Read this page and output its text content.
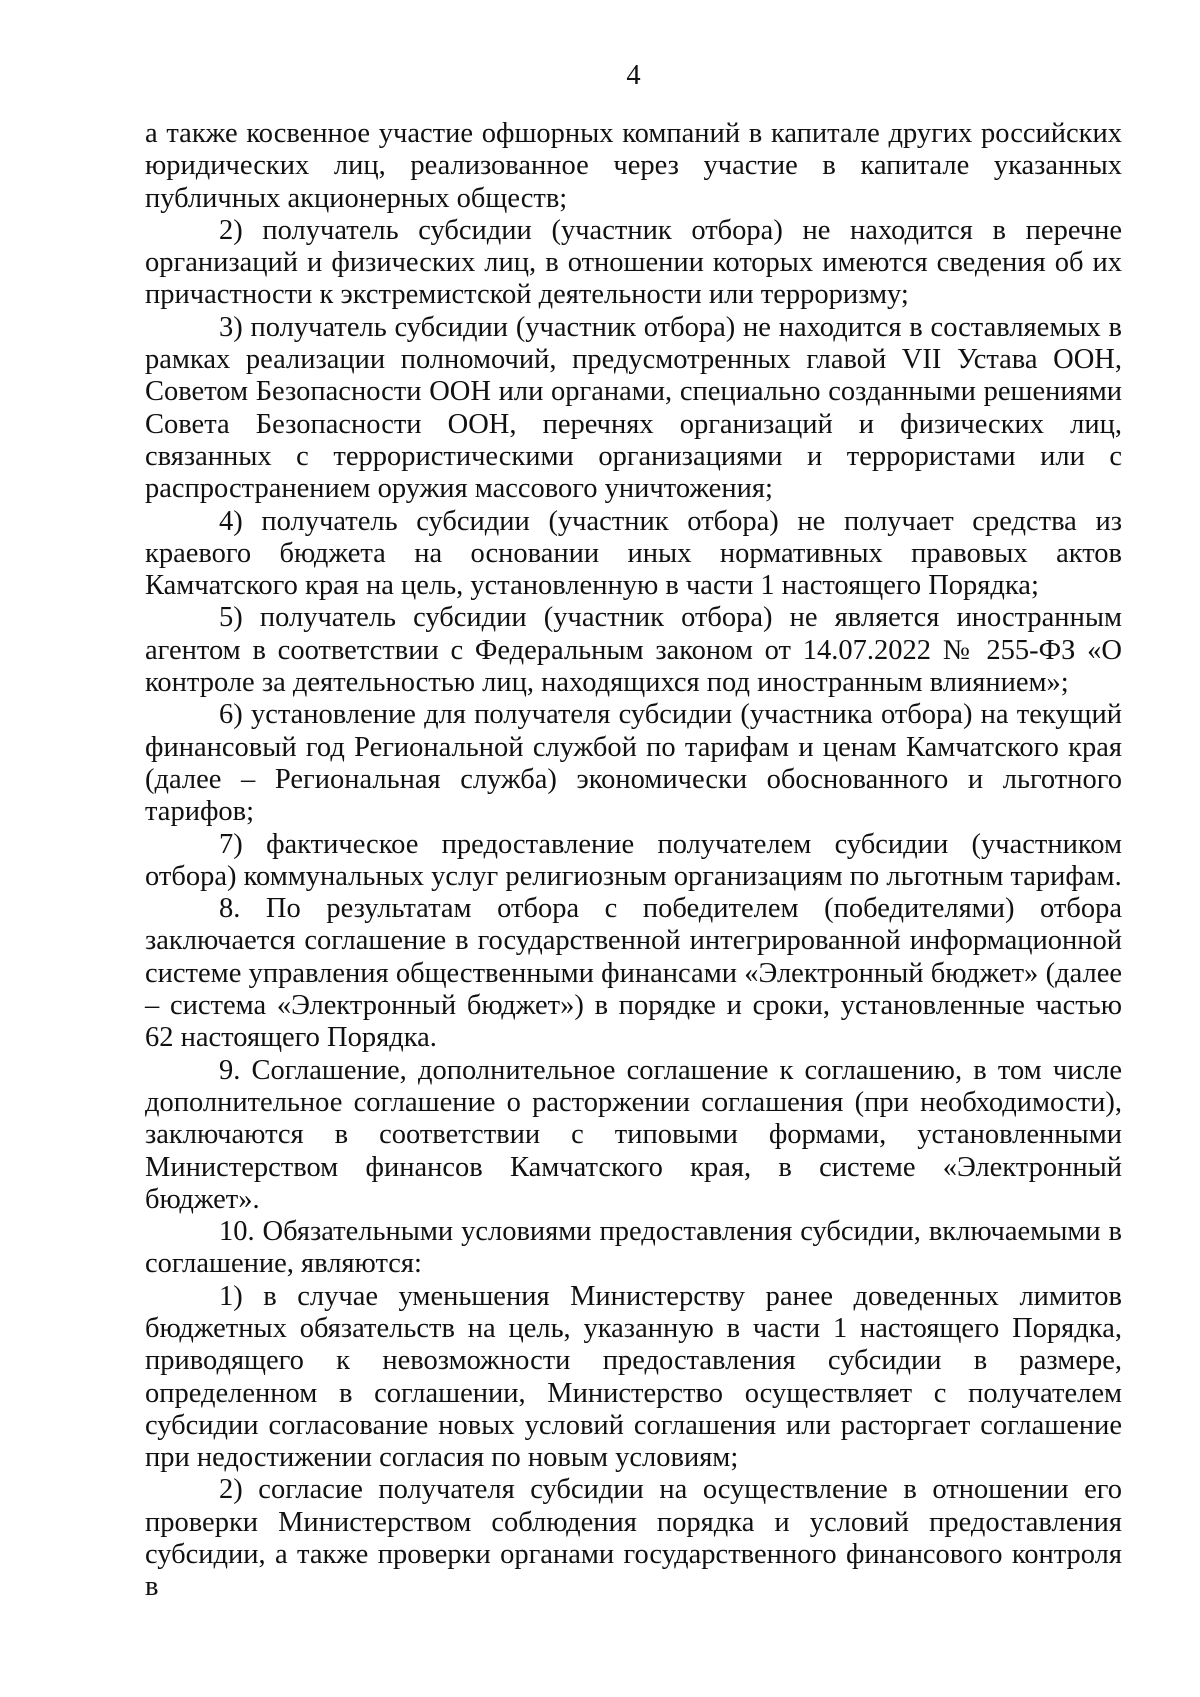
4

а также косвенное участие офшорных компаний в капитале других российских юридических лиц, реализованное через участие в капитале указанных публичных акционерных обществ;

2) получатель субсидии (участник отбора) не находится в перечне организаций и физических лиц, в отношении которых имеются сведения об их причастности к экстремистской деятельности или терроризму;

3) получатель субсидии (участник отбора) не находится в составляемых в рамках реализации полномочий, предусмотренных главой VII Устава ООН, Советом Безопасности ООН или органами, специально созданными решениями Совета Безопасности ООН, перечнях организаций и физических лиц, связанных с террористическими организациями и террористами или с распространением оружия массового уничтожения;

4) получатель субсидии (участник отбора) не получает средства из краевого бюджета на основании иных нормативных правовых актов Камчатского края на цель, установленную в части 1 настоящего Порядка;

5) получатель субсидии (участник отбора) не является иностранным агентом в соответствии с Федеральным законом от 14.07.2022 № 255-ФЗ «О контроле за деятельностью лиц, находящихся под иностранным влиянием»;

6) установление для получателя субсидии (участника отбора) на текущий финансовый год Региональной службой по тарифам и ценам Камчатского края (далее – Региональная служба) экономически обоснованного и льготного тарифов;

7) фактическое предоставление получателем субсидии (участником отбора) коммунальных услуг религиозным организациям по льготным тарифам.

8. По результатам отбора с победителем (победителями) отбора заключается соглашение в государственной интегрированной информационной системе управления общественными финансами «Электронный бюджет» (далее – система «Электронный бюджет») в порядке и сроки, установленные частью 62 настоящего Порядка.

9. Соглашение, дополнительное соглашение к соглашению, в том числе дополнительное соглашение о расторжении соглашения (при необходимости), заключаются в соответствии с типовыми формами, установленными Министерством финансов Камчатского края, в системе «Электронный бюджет».

10. Обязательными условиями предоставления субсидии, включаемыми в соглашение, являются:

1) в случае уменьшения Министерству ранее доведенных лимитов бюджетных обязательств на цель, указанную в части 1 настоящего Порядка, приводящего к невозможности предоставления субсидии в размере, определенном в соглашении, Министерство осуществляет с получателем субсидии согласование новых условий соглашения или расторгает соглашение при недостижении согласия по новым условиям;

2) согласие получателя субсидии на осуществление в отношении его проверки Министерством соблюдения порядка и условий предоставления субсидии, а также проверки органами государственного финансового контроля в
